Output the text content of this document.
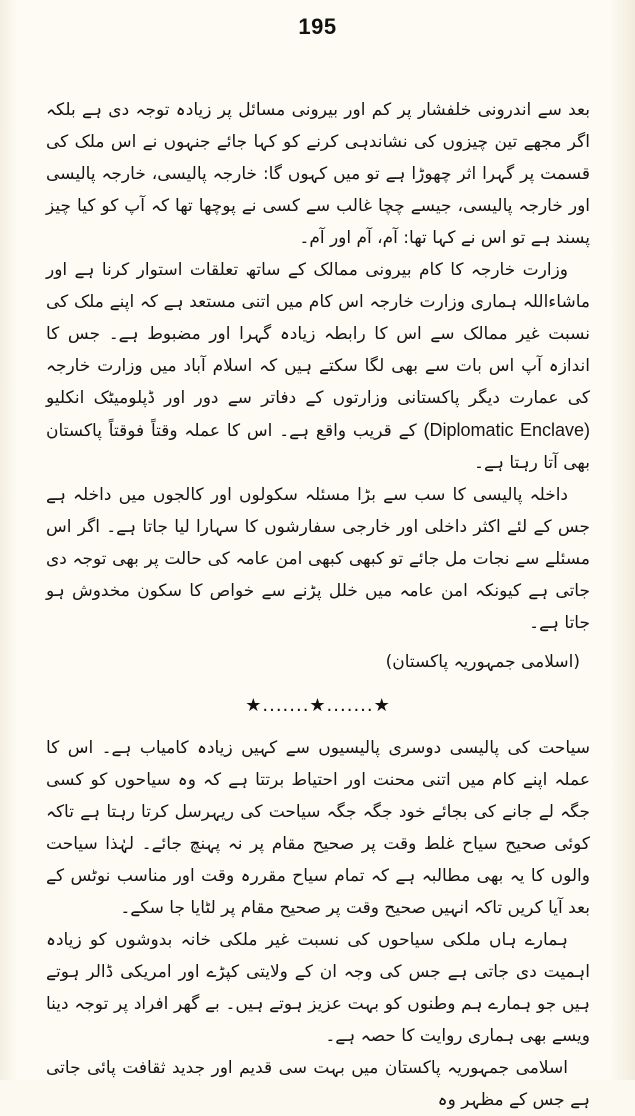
195

بعد سے اندرونی خلفشار پر کم اور بیرونی مسائل پر زیادہ توجہ دی ہے بلکہ اگر مجھے تین چیزوں کی نشاندہی کرنے کو کہا جائے جنہوں نے اس ملک کی قسمت پر گہرا اثر چھوڑا ہے تو میں کہوں گا: خارجہ پالیسی، خارجہ پالیسی اور خارجہ پالیسی، جیسے چچا غالب سے کسی نے پوچھا تھا کہ آپ کو کیا چیز پسند ہے تو اس نے کہا تھا: آم، آم اور آم۔

وزارت خارجہ کا کام بیرونی ممالک کے ساتھ تعلقات استوار کرنا ہے اور ماشاءاللہ ہماری وزارت خارجہ اس کام میں اتنی مستعد ہے کہ اپنے ملک کی نسبت غیر ممالک سے اس کا رابطہ زیادہ گہرا اور مضبوط ہے۔ جس کا اندازہ آپ اس بات سے بھی لگا سکتے ہیں کہ اسلام آباد میں وزارت خارجہ کی عمارت دیگر پاکستانی وزارتوں کے دفاتر سے دور اور ڈپلومیٹک انکلیو (Diplomatic Enclave) کے قریب واقع ہے۔ اس کا عملہ وقتاً فوقتاً پاکستان بھی آتا رہتا ہے۔

داخلہ پالیسی کا سب سے بڑا مسئلہ سکولوں اور کالجوں میں داخلہ ہے جس کے لئے اکثر داخلی اور خارجی سفارشوں کا سہارا لیا جاتا ہے۔ اگر اس مسئلے سے نجات مل جائے تو کبھی کبھی امن عامہ کی حالت پر بھی توجہ دی جاتی ہے کیونکہ امن عامہ میں خلل پڑنے سے خواص کا سکون مخدوش ہو جاتا ہے۔

(اسلامی جمہوریہ پاکستان)

★.......★.......★

سیاحت کی پالیسی دوسری پالیسیوں سے کہیں زیادہ کامیاب ہے۔ اس کا عملہ اپنے کام میں اتنی محنت اور احتیاط برتتا ہے کہ وہ سیاحوں کو کسی جگہ لے جانے کی بجائے خود جگہ جگہ سیاحت کی ریہرسل کرتا رہتا ہے تاکہ کوئی صحیح سیاح غلط وقت پر صحیح مقام پر نہ پہنچ جائے۔ لہٰذا سیاحت والوں کا یہ بھی مطالبہ ہے کہ تمام سیاح مقررہ وقت اور مناسب نوٹس کے بعد آیا کریں تاکہ انہیں صحیح وقت پر صحیح مقام پر لٹایا جا سکے۔

ہمارے ہاں ملکی سیاحوں کی نسبت غیر ملکی خانہ بدوشوں کو زیادہ اہمیت دی جاتی ہے جس کی وجہ ان کے ولایتی کپڑے اور امریکی ڈالر ہوتے ہیں جو ہمارے ہم وطنوں کو بہت عزیز ہوتے ہیں۔ بے گھر افراد پر توجہ دینا ویسے بھی ہماری روایت کا حصہ ہے۔

اسلامی جمہوریہ پاکستان میں بہت سی قدیم اور جدید ثقافت پائی جاتی ہے جس کے مظہر وہ
